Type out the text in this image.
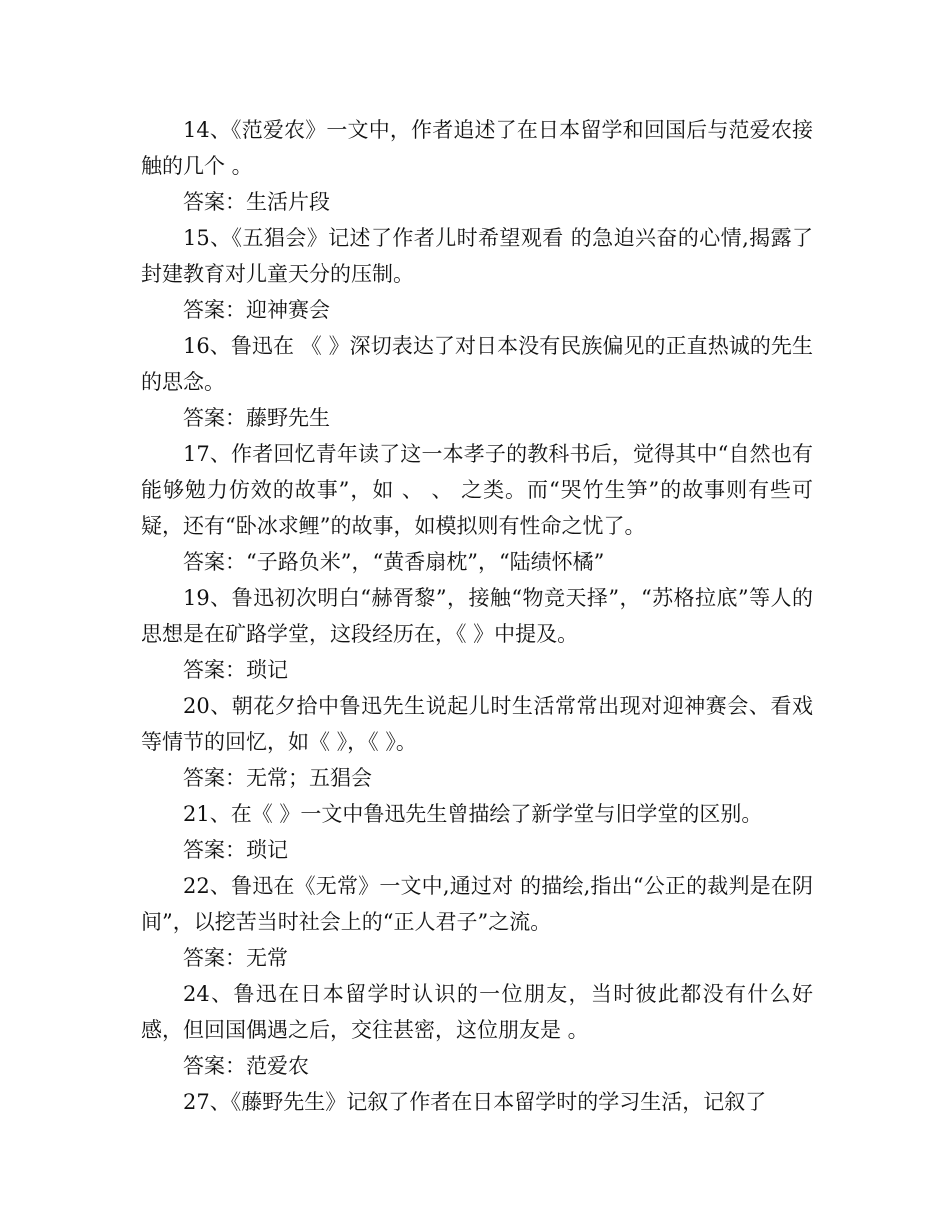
14、《范爱农》一文中，作者追述了在日本留学和回国后与范爱农接触的几个 。

答案：生活片段

15、《五猖会》记述了作者儿时希望观看 的急迫兴奋的心情,揭露了封建教育对儿童天分的压制。

答案：迎神赛会

16、鲁迅在 《 》深切表达了对日本没有民族偏见的正直热诚的先生的思念。

答案：藤野先生

17、作者回忆青年读了这一本孝子的教科书后，觉得其中“自然也有能够勉力仿效的故事”，如 、 、 之类。而“哭竹生笋”的故事则有些可疑，还有“卧冰求鲤”的故事，如模拟则有性命之忧了。

答案：“子路负米”，“黄香扇枕”，“陆绩怀橘”

19、鲁迅初次明白“赫胥黎”，接触“物竞天择”，“苏格拉底”等人的思想是在矿路学堂，这段经历在，《 》中提及。

答案：琐记

20、朝花夕拾中鲁迅先生说起儿时生活常常出现对迎神赛会、看戏等情节的回忆，如《 》，《 》。

答案：无常；五猖会

21、在《 》一文中鲁迅先生曾描绘了新学堂与旧学堂的区别。

答案：琐记

22、鲁迅在《无常》一文中,通过对 的描绘,指出“公正的裁判是在阴间”，以挖苦当时社会上的“正人君子”之流。

答案：无常

24、鲁迅在日本留学时认识的一位朋友，当时彼此都没有什么好感，但回国偶遇之后，交往甚密，这位朋友是 。

答案：范爱农

27、《藤野先生》记叙了作者在日本留学时的学习生活，记叙了
